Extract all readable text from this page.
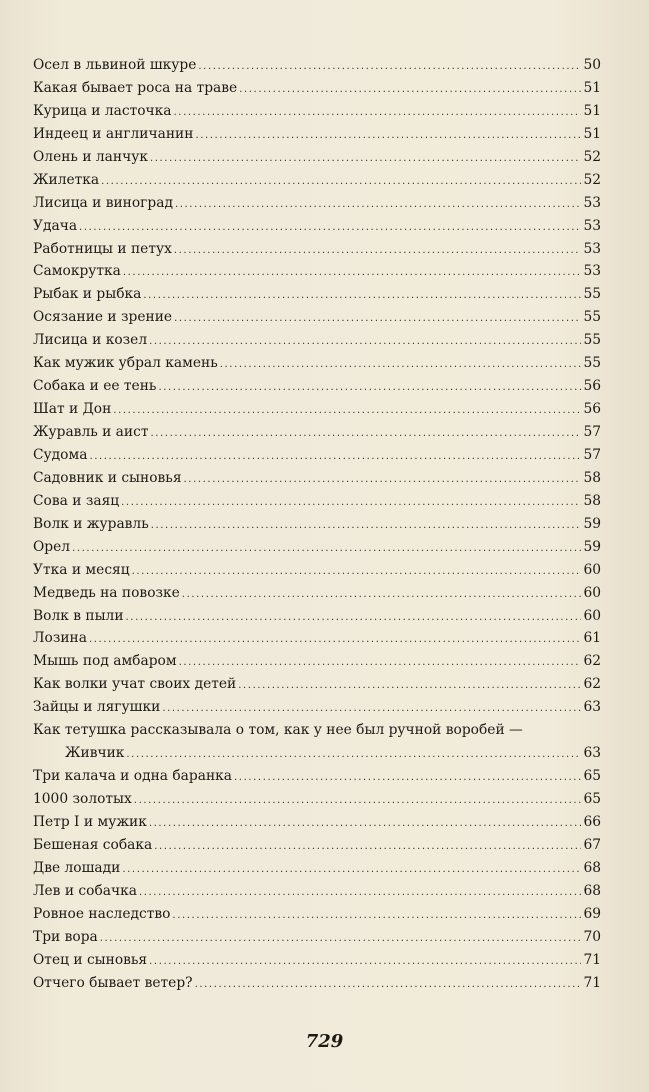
Осел в львиной шкуре .....	50
Какая бывает роса на траве .....	51
Курица и ласточка .....	51
Индеец и англичанин .....	51
Олень и ланчук .....	52
Жилетка .....	52
Лисица и виноград .....	53
Удача .....	53
Работницы и петух .....	53
Самокрутка .....	53
Рыбак и рыбка .....	55
Осязание и зрение .....	55
Лисица и козел .....	55
Как мужик убрал камень .....	55
Собака и ее тень .....	56
Шат и Дон .....	56
Журавль и аист .....	57
Судома .....	57
Садовник и сыновья .....	58
Сова и заяц .....	58
Волк и журавль .....	59
Орел .....	59
Утка и месяц .....	60
Медведь на повозке .....	60
Волк в пыли .....	60
Лозина .....	61
Мышь под амбаром .....	62
Как волки учат своих детей .....	62
Зайцы и лягушки .....	63
Как тетушка рассказывала о том, как у нее был ручной воробей —
Живчик .....	63
Три калача и одна баранка .....	65
1000 золотых .....	65
Петр I и мужик .....	66
Бешеная собака .....	67
Две лошади .....	68
Лев и собачка .....	68
Ровное наследство .....	69
Три вора .....	70
Отец и сыновья .....	71
Отчего бывает ветер? .....	71
729
